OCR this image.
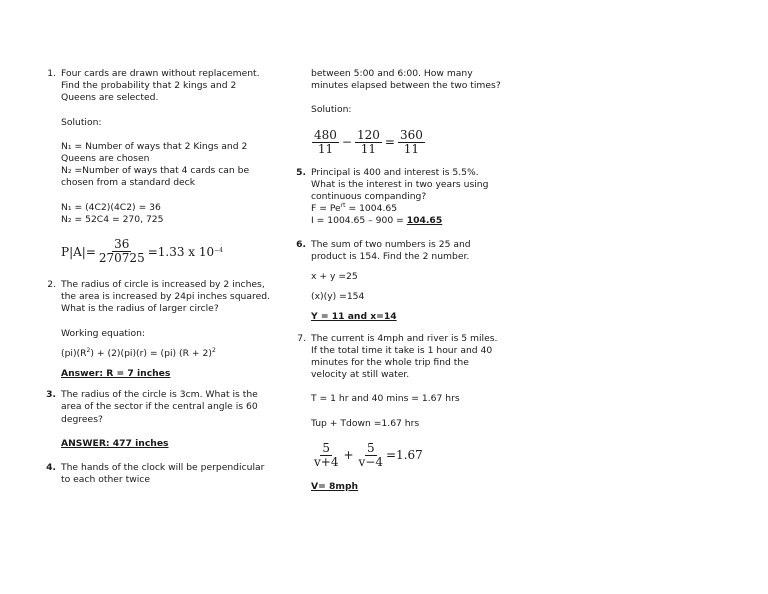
1. Four cards are drawn without replacement. Find the probability that 2 kings and 2 Queens are selected.

Solution:

N₁ = Number of ways that 2 Kings and 2 Queens are chosen

N₂ =Number of ways that 4 cards can be chosen from a standard deck

N₁ = (4C2)(4C2) = 36

N₂ = 52C4 = 270, 725

$P|A|= \frac{36}{270725} =1.33$ x $10^{-4}$
2. The radius of circle is increased by 2 inches, the area is increased by 24pi inches squared. What is the radius of larger circle?

Working equation:

$(pi)(R^2) + (2)(pi)(r) = (pi) (R + 2)^2$

Answer: R = 7 inches

3. The radius of the circle is 3cm. What is the area of the sector if the central angle is 60 degrees?

ANSWER: 477 inches

4. The hands of the clock will be perpendicular to each other twice

between 5:00 and 6:00. How many minutes elapsed between the two times?

Solution:

$\frac{480}{11} - \frac{120}{11} = \frac{360}{11}$
5. Principal is 400 and interest is 5.5%. What is the interest in two years using continuous companding?

$F = Pe^{rt} = 1004.65$

I = 1004.65 – 900 = 104.65

6. The sum of two numbers is 25 and product is 154. Find the 2 number.

x + y =25

(x)(y) =154

Y = 11 and x=14

7. The current is 4mph and river is 5 miles. If the total time it take is 1 hour and 40 minutes for the whole trip find the velocity at still water.

T = 1 hr and 40 mins = 1.67 hrs

Tup + Tdown =1.67 hrs

$\frac{5}{v+4} + \frac{5}{v-4} =1.67$

V= 8mph
